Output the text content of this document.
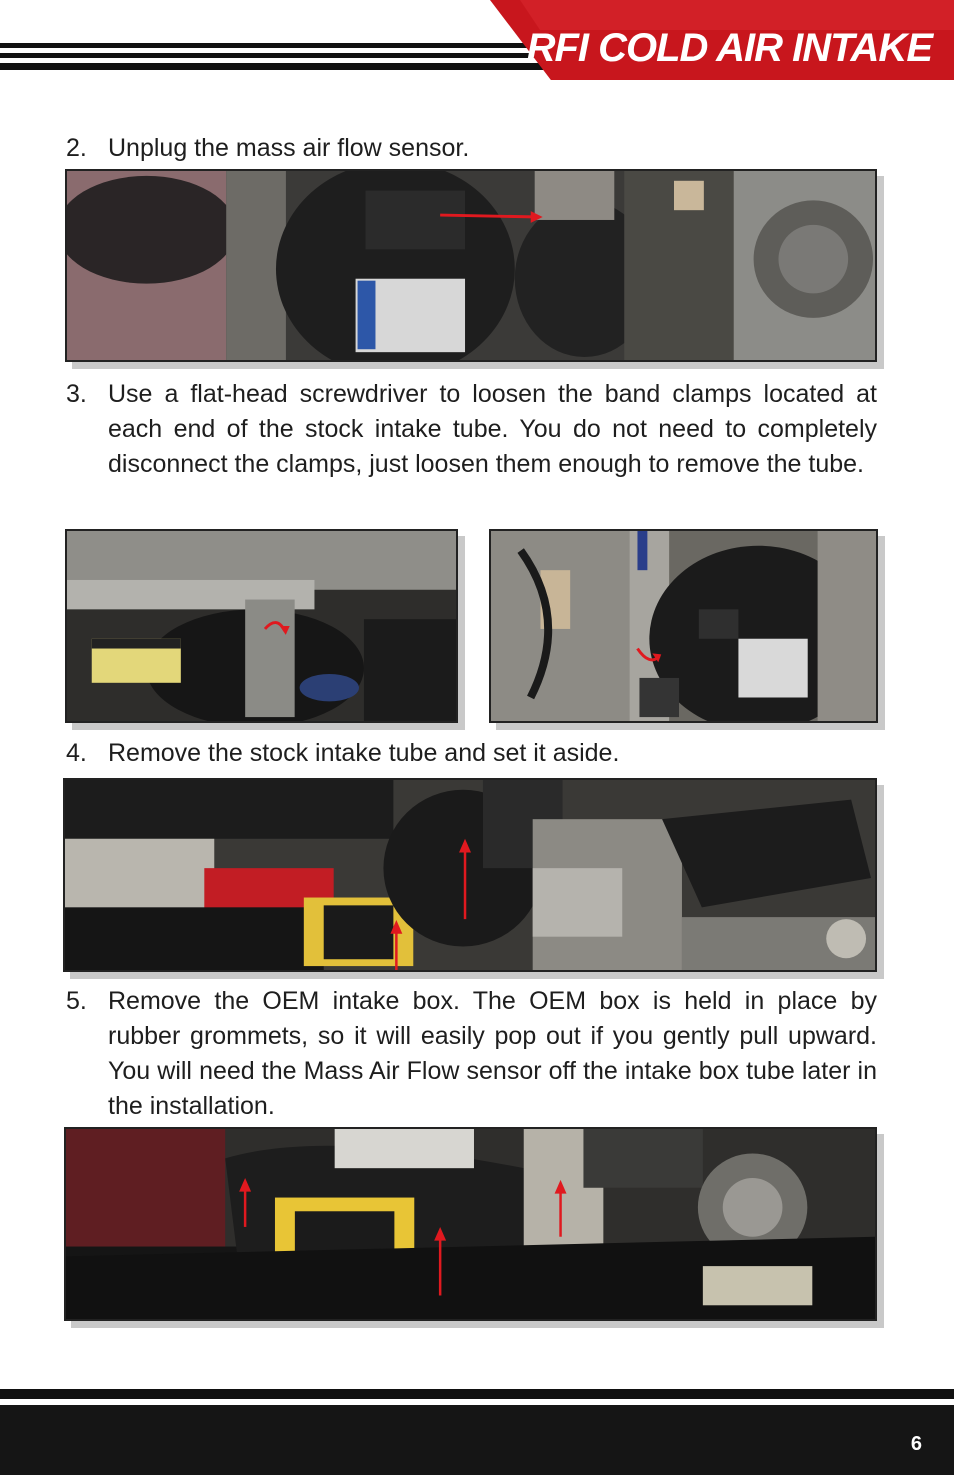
RFI COLD AIR INTAKE
2. Unplug the mass air flow sensor.
3. Use a flat-head screwdriver to loosen the band clamps located at each end of the stock intake tube. You do not need to completely disconnect the clamps, just loosen them enough to remove the tube.
4. Remove the stock intake tube and set it aside.
5. Remove the OEM intake box. The OEM box is held in place by rubber grommets, so it will easily pop out if you gently pull upward. You will need the Mass Air Flow sensor off the intake box tube later in the installation.
6
